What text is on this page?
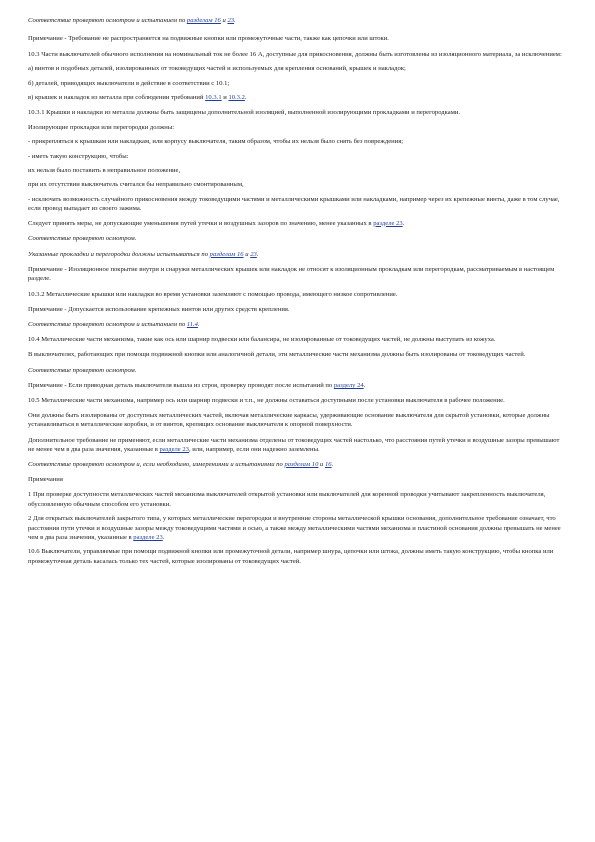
Соответствие проверяют осмотром и испытанием по разделам 16 и 23.

Примечание - Требование не распространяется на подвижные кнопки или промежуточные части, также как цепочки или штоки.

10.3 Части выключателей обычного исполнения на номинальный ток не более 16 А, доступные для прикосновения, должны быть изготовлены из изоляционного материала, за исключением:

а) винтов и подобных деталей, изолированных от токоведущих частей и используемых для крепления оснований, крышек и накладок;

б) деталей, приводящих выключатели в действие в соответствии с 10.1;

в) крышек и накладок из металла при соблюдении требований 10.3.1 и 10.3.2.

10.3.1 Крышки и накладки из металла должны быть защищены дополнительной изоляцией, выполненной изолирующими прокладками и перегородками.

Изолирующие прокладки или перегородки должны:

- прикрепляться к крышкам или накладкам, или корпусу выключателя, таким образом, чтобы их нельзя было снять без повреждения;

- иметь такую конструкцию, чтобы:

их нельзя было поставить в неправильное положение,

при их отсутствии выключатель считался бы неправильно смонтированным,

- исключать возможность случайного прикосновения между токоведущими частями и металлическими крышками или накладками, например через их крепежные винты, даже в том случае, если провод выпадает из своего зажима.

Следует принять меры, не допускающие уменьшения путей утечки и воздушных зазоров по значению, менее указанных в разделе 23.

Соответствие проверяют осмотром.

Указанные прокладки и перегородки должны испытываться по разделам 16 и 23.

Примечание - Изоляционное покрытие внутри и снаружи металлических крышек или накладок не относят к изоляционным прокладкам или перегородкам, рассматриваемым в настоящем разделе.

10.3.2 Металлические крышки или накладки во время установки заземляют с помощью провода, имеющего низкое сопротивление.

Примечание - Допускается использование крепежных винтов или других средств крепления.

Соответствие проверяют осмотром и испытанием по 11.4.

10.4 Металлические части механизма, такие как ось или шарнир подвески или балансира, не изолированные от токоведущих частей, не должны выступать из кожуха.

В выключателях, работающих при помощи подвижной кнопки или аналогичной детали, эти металлические части механизма должны быть изолированы от токоведущих частей.

Соответствие проверяют осмотром.

Примечание - Если приводная деталь выключателя вышла из строя, проверку проводят после испытаний по разделу 24.

10.5 Металлические части механизма, например ось или шарнир подвески и т.п., не должны оставаться доступными после установки выключателя в рабочее положение.

Они должны быть изолированы от доступных металлических частей, включая металлические каркасы, удерживающие основание выключателя для скрытой установки, которые должны устанавливаться в металлические коробки, и от винтов, крепящих основание выключателя к опорной поверхности.

Дополнительное требование не применяют, если металлические части механизма отделены от токоведущих частей настолько, что расстояния путей утечки и воздушные зазоры превышают не менее чем в два раза значения, указанные в разделе 23, или, например, если они надежно заземлены.

Соответствие проверяют осмотром и, если необходимо, измерениями и испытаниями по разделам 10 и 16.

Примечания

1 При проверке доступности металлических частей механизма выключателей открытой установки или выключателей для коренной проводки учитывают закрепленность выключателя, обусловленную обычным способом его установки.

2 Для открытых выключателей закрытого типа, у которых металлические перегородки и внутренние стороны металлической крышки основания, дополнительное требование означает, что расстояния пути утечки и воздушные зазоры между токоведущими частями и осью, а также между металлическими частями механизма и пластиной основания должны превышать не менее чем в два раза значения, указанные в разделе 23.

10.6 Выключатели, управляемые при помощи подвижной кнопки или промежуточной детали, например шнура, цепочки или штока, должны иметь такую конструкцию, чтобы кнопка или промежуточная деталь касалась только тех частей, которые изолированы от токоведущих частей.
